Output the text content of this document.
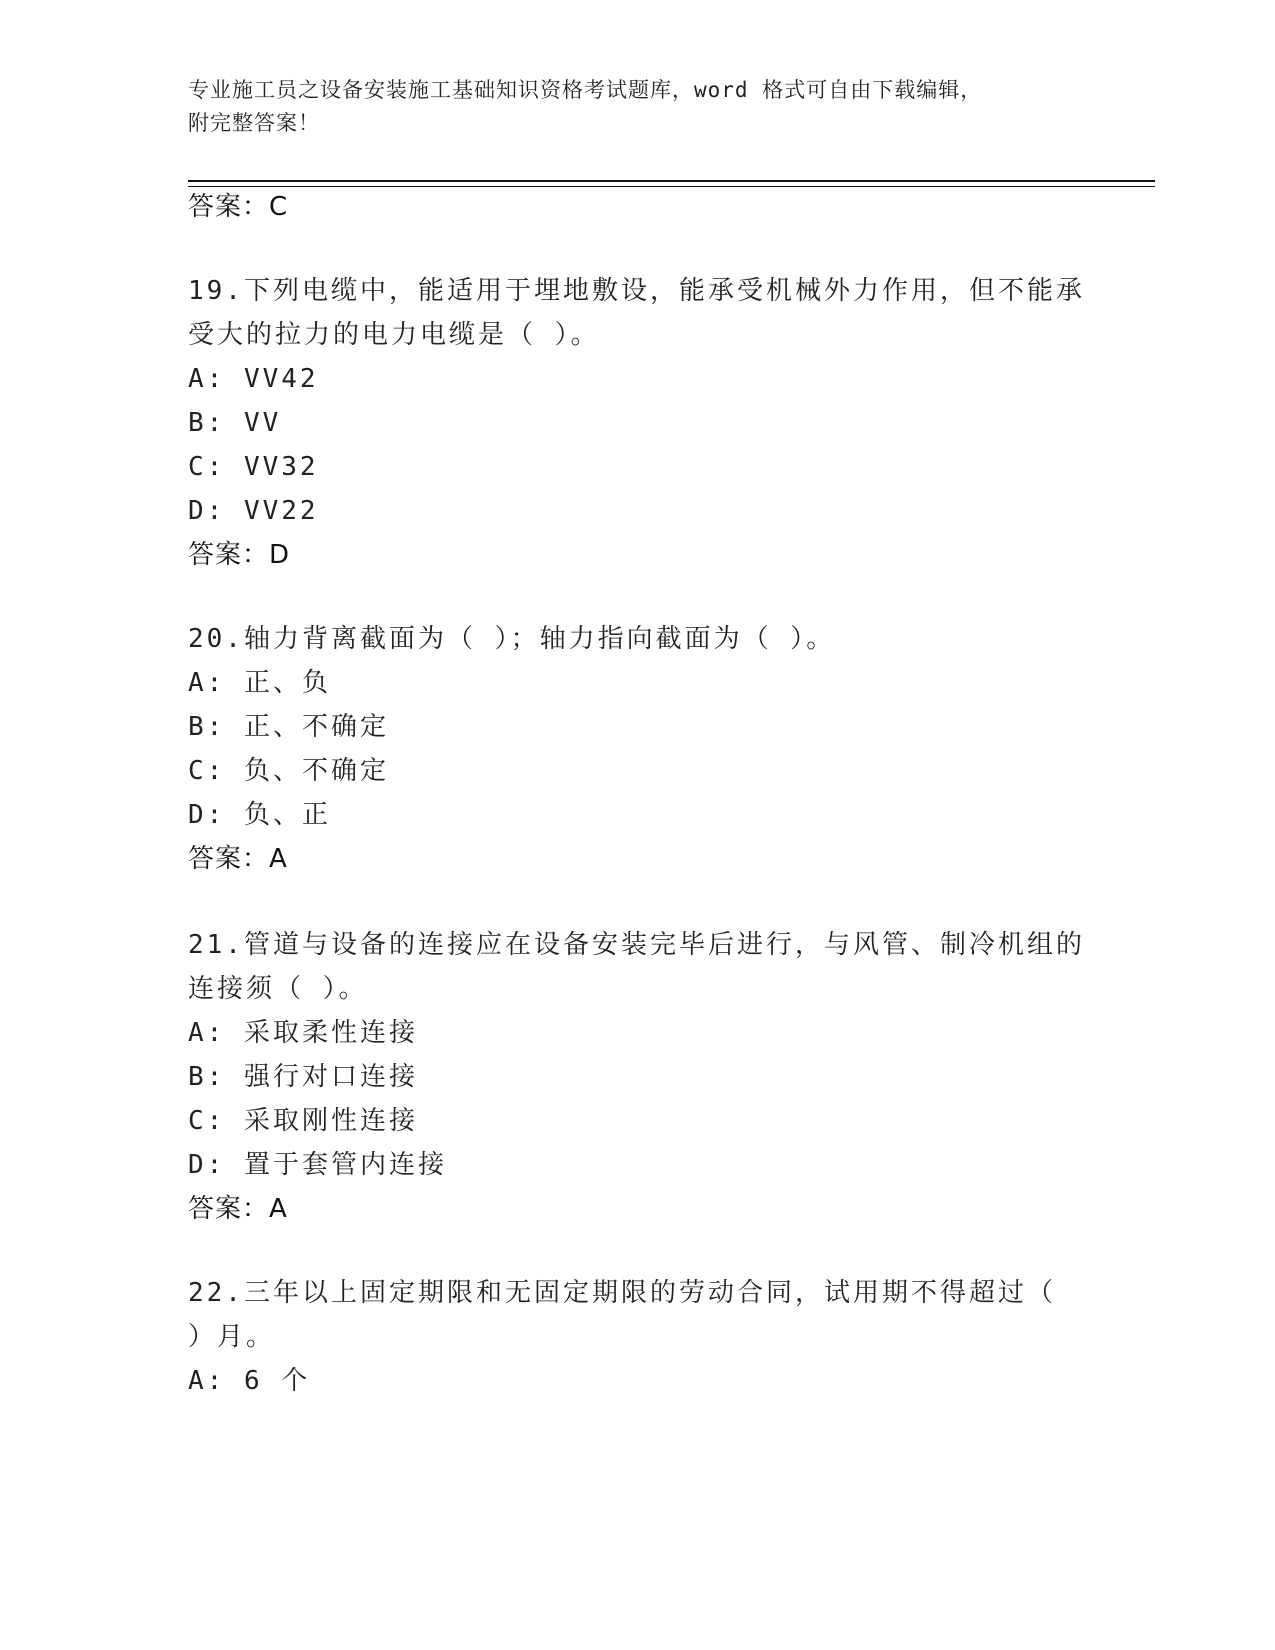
专业施工员之设备安装施工基础知识资格考试题库，word 格式可自由下载编辑，
附完整答案！
答案：C
19.下列电缆中，能适用于埋地敷设，能承受机械外力作用，但不能承
受大的拉力的电力电缆是（ ）。
A: VV42
B: VV
C: VV32
D: VV22
答案：D
20.轴力背离截面为（ ）；轴力指向截面为（ ）。
A: 正、负
B: 正、不确定
C: 负、不确定
D: 负、正
答案：A
21.管道与设备的连接应在设备安装完毕后进行，与风管、制冷机组的
连接须（ ）。
A: 采取柔性连接
B: 强行对口连接
C: 采取刚性连接
D: 置于套管内连接
答案：A
22.三年以上固定期限和无固定期限的劳动合同，试用期不得超过（
）月。
A: 6 个
